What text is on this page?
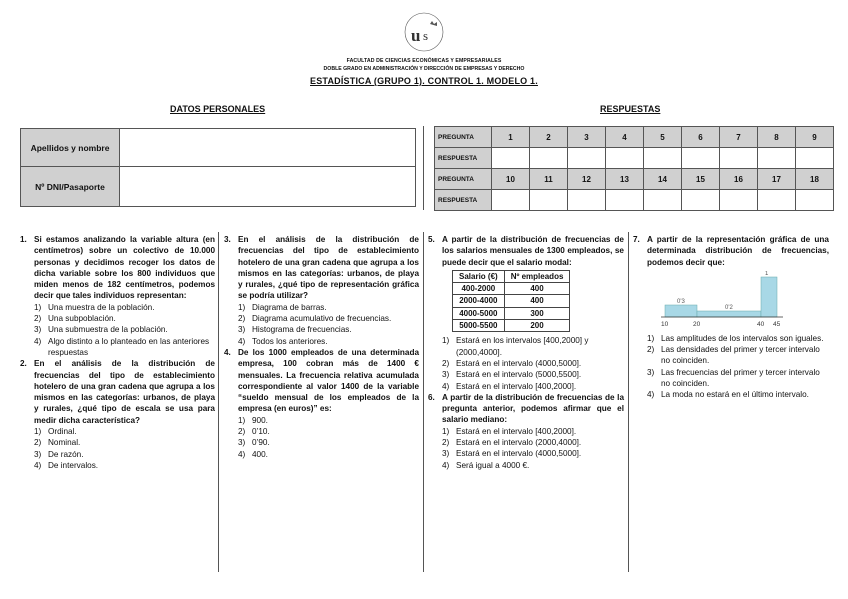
u s
FACULTAD DE CIENCIAS ECONÓMICAS Y EMPRESARIALES
DOBLE GRADO EN ADMINISTRACIÓN Y DIRECCIÓN DE EMPRESAS Y DERECHO
ESTADÍSTICA (GRUPO 1). CONTROL 1. MODELO 1.
DATOS PERSONALES	RESPUESTAS
Apellidos y nombre	
Nº DNI/Pasaporte	
PREGUNTA	1	2	3	4	5	6	7	8	9
RESPUESTA									
PREGUNTA	10	11	12	13	14	15	16	17	18
RESPUESTA									
1. Si estamos analizando la variable altura (en centímetros) sobre un colectivo de 10.000 personas y decidimos recoger los datos de dicha variable sobre los 800 individuos que miden menos de 182 centímetros, podemos decir que tales individuos representan:
1) Una muestra de la población.
2) Una subpoblación.
3) Una submuestra de la población.
4) Algo distinto a lo planteado en las anteriores respuestas
2. En el análisis de la distribución de frecuencias del tipo de establecimiento hotelero de una gran cadena que agrupa a los mismos en las categorías: urbanos, de playa y rurales, ¿qué tipo de escala se usa para medir dicha característica?
1) Ordinal.
2) Nominal.
3) De razón.
4) De intervalos.
3. En el análisis de la distribución de frecuencias del tipo de establecimiento hotelero de una gran cadena que agrupa a los mismos en las categorías: urbanos, de playa y rurales, ¿qué tipo de representación gráfica se podría utilizar?
1) Diagrama de barras.
2) Diagrama acumulativo de frecuencias.
3) Histograma de frecuencias.
4) Todos los anteriores.
4. De los 1000 empleados de una determinada empresa, 100 cobran más de 1400 € mensuales. La frecuencia relativa acumulada correspondiente al valor 1400 de la variable “sueldo mensual de los empleados de la empresa (en euros)” es:
1) 900.
2) 0’10.
3) 0’90.
4) 400.
5. A partir de la distribución de frecuencias de los salarios mensuales de 1300 empleados, se puede decir que el salario modal:
Salario (€)	Nº empleados
400-2000	400
2000-4000	400
4000-5000	300
5000-5500	200
1) Estará en los intervalos [400,2000] y (2000,4000].
2) Estará en el intervalo (4000,5000].
3) Estará en el intervalo (5000,5500].
4) Estará en el intervalo [400,2000].
6. A partir de la distribución de frecuencias de la pregunta anterior, podemos afirmar que el salario mediano:
1) Estará en el intervalo [400,2000].
2) Estará en el intervalo (2000,4000].
3) Estará en el intervalo (4000,5000].
4) Será igual a 4000 €.
7. A partir de la representación gráfica de una determinada distribución de frecuencias, podemos decir que:
0'3
0'2
1
10	20	40 45
1) Las amplitudes de los intervalos son iguales.
2) Las densidades del primer y tercer intervalo no coinciden.
3) Las frecuencias del primer y tercer intervalo no coinciden.
4) La moda no estará en el último intervalo.
